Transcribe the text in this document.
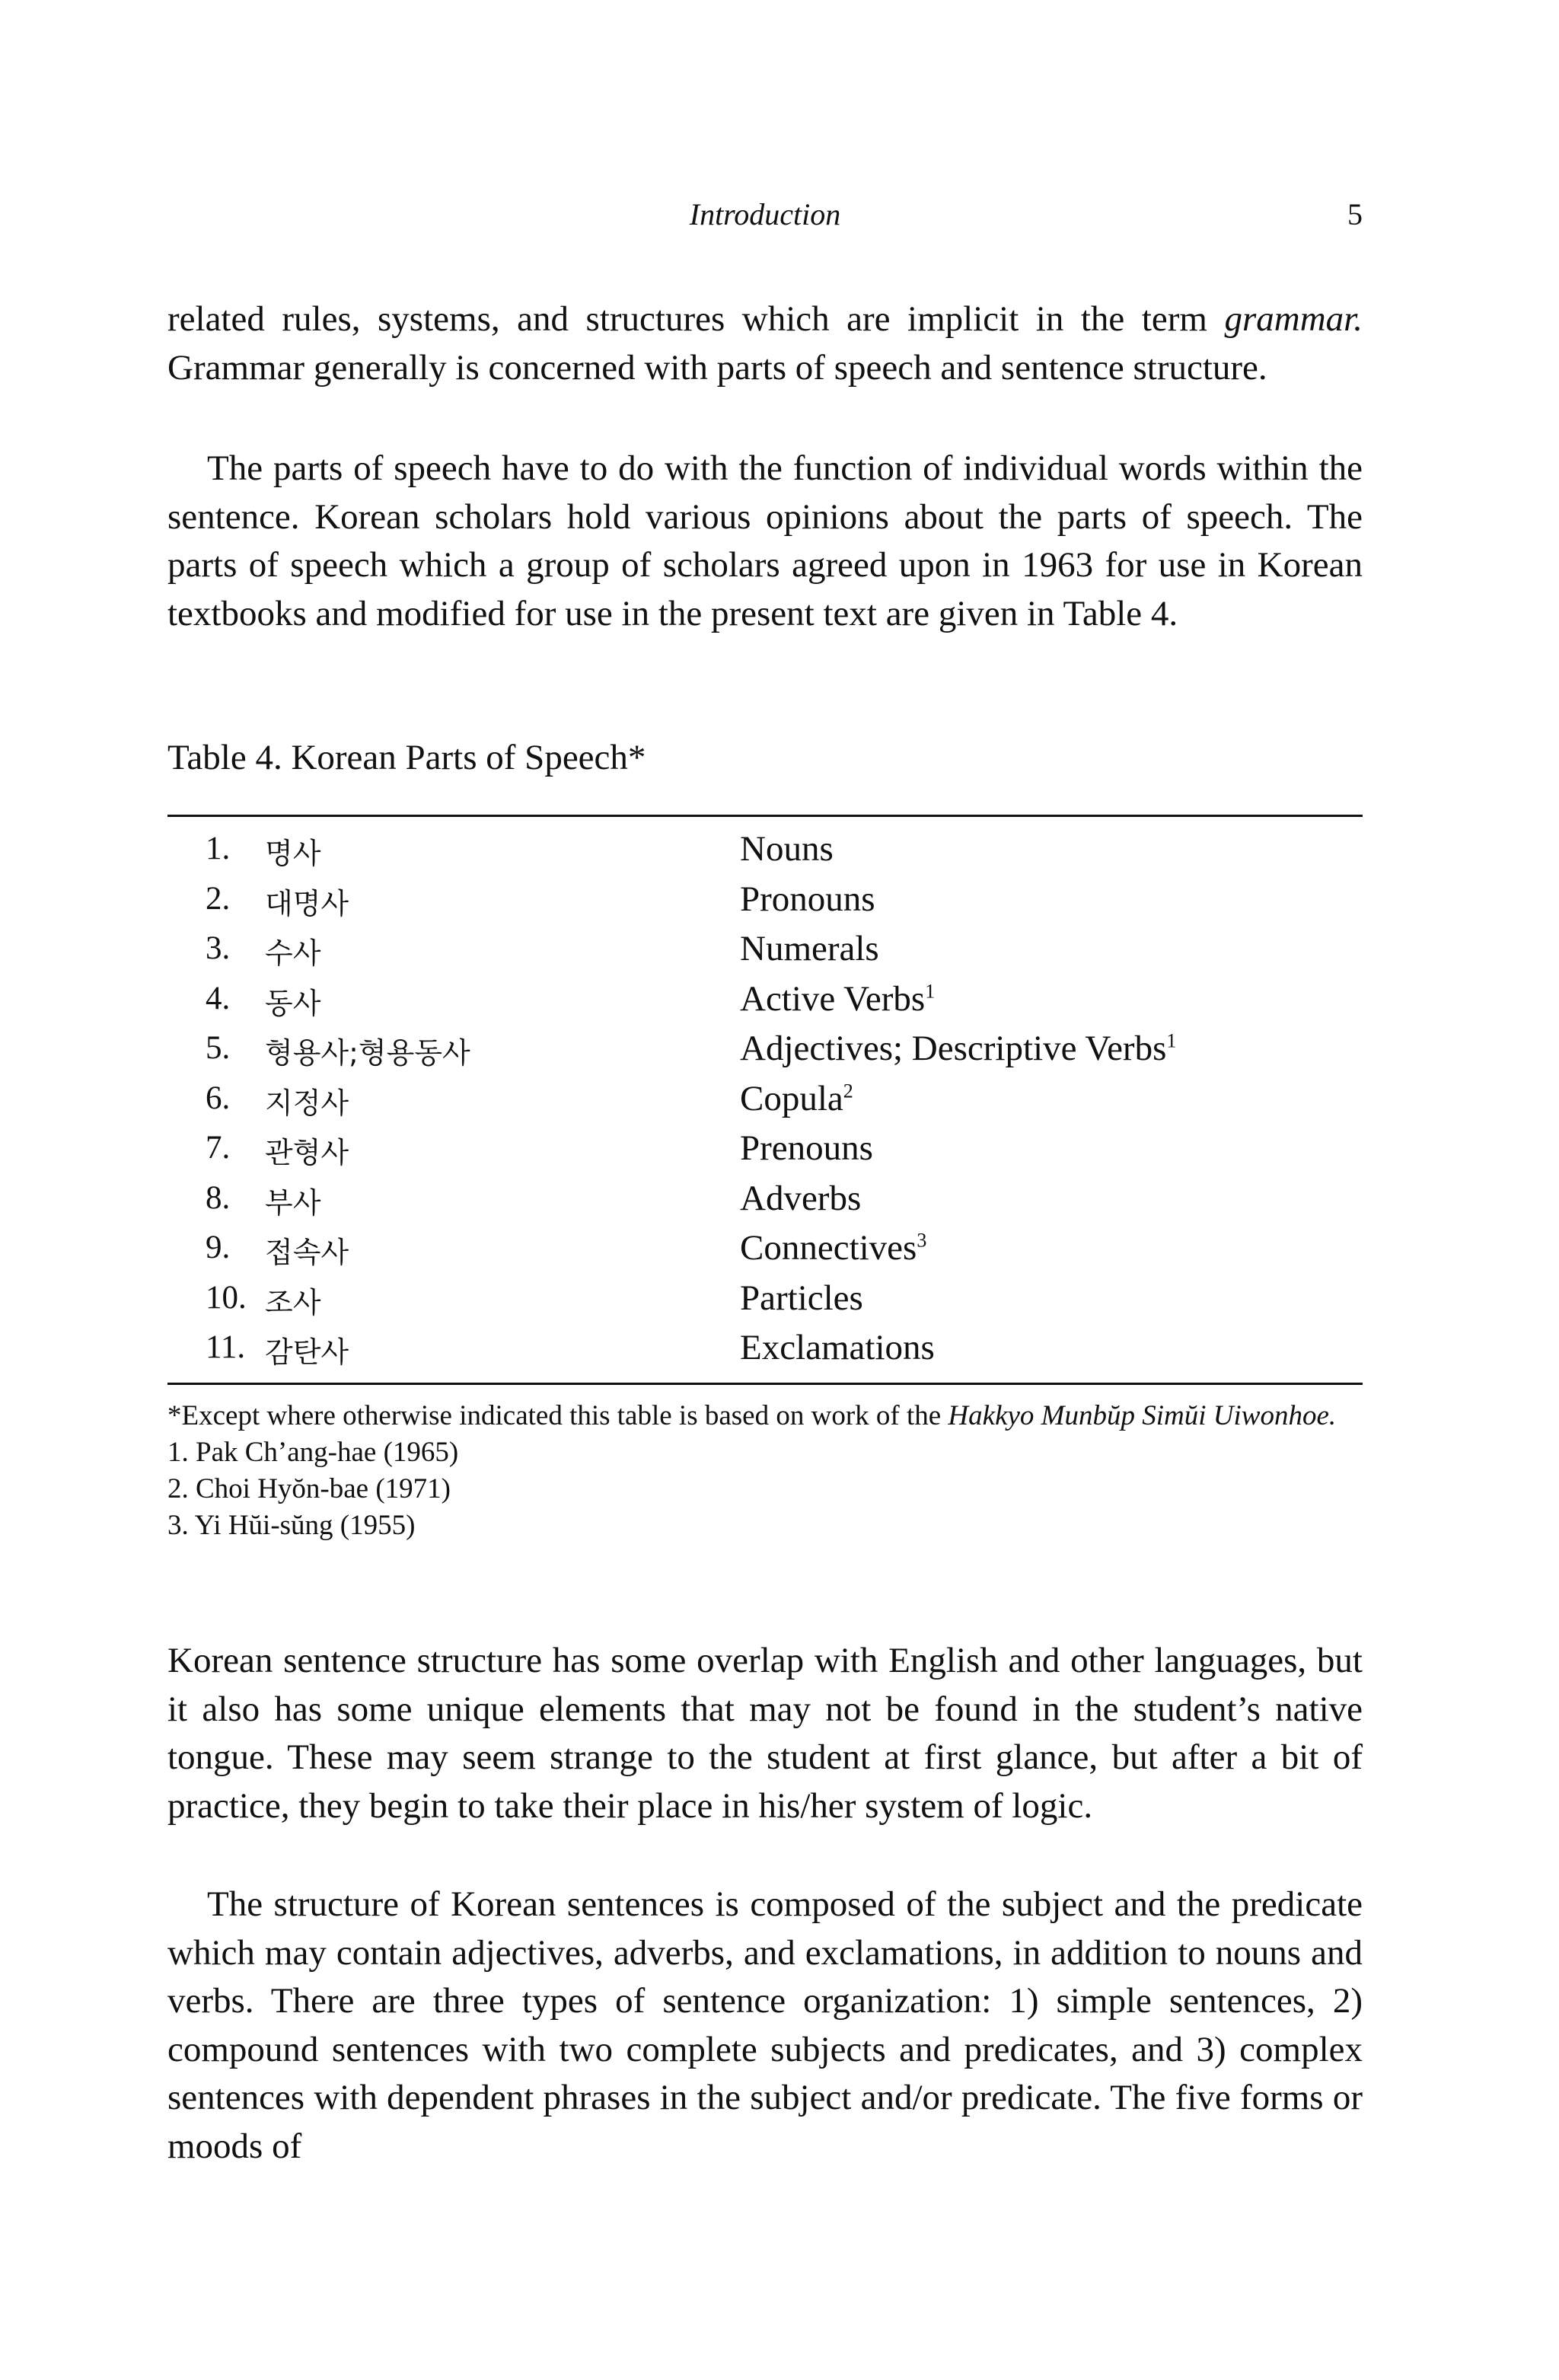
Introduction	5

related rules, systems, and structures which are implicit in the term grammar. Grammar generally is concerned with parts of speech and sentence structure.

The parts of speech have to do with the function of individual words within the sentence. Korean scholars hold various opinions about the parts of speech. The parts of speech which a group of scholars agreed upon in 1963 for use in Korean textbooks and modified for use in the present text are given in Table 4.

Table 4. Korean Parts of Speech*
1.	명사	Nouns
2.	대명사	Pronouns
3.	수사	Numerals
4.	동사	Active Verbs$^1$
5.	형용사;형용동사	Adjectives; Descriptive Verbs$^1$
6.	지정사	Copula$^2$
7.	관형사	Prenouns
8.	부사	Adverbs
9.	접속사	Connectives$^3$
10. 조사	Particles
11. 감탄사	Exclamations
*Except where otherwise indicated this table is based on work of the Hakkyo Munbŭp Simŭi Uiwonhoe.
1. Pak Ch’ang-hae (1965)
2. Choi Hyŏn-bae (1971)
3. Yi Hŭi-sŭng (1955)

Korean sentence structure has some overlap with English and other languages, but it also has some unique elements that may not be found in the student’s native tongue. These may seem strange to the student at first glance, but after a bit of practice, they begin to take their place in his/her system of logic.

The structure of Korean sentences is composed of the subject and the predicate which may contain adjectives, adverbs, and exclamations, in addition to nouns and verbs. There are three types of sentence organization: 1) simple sentences, 2) compound sentences with two complete subjects and predicates, and 3) complex sentences with dependent phrases in the subject and/or predicate. The five forms or moods of
